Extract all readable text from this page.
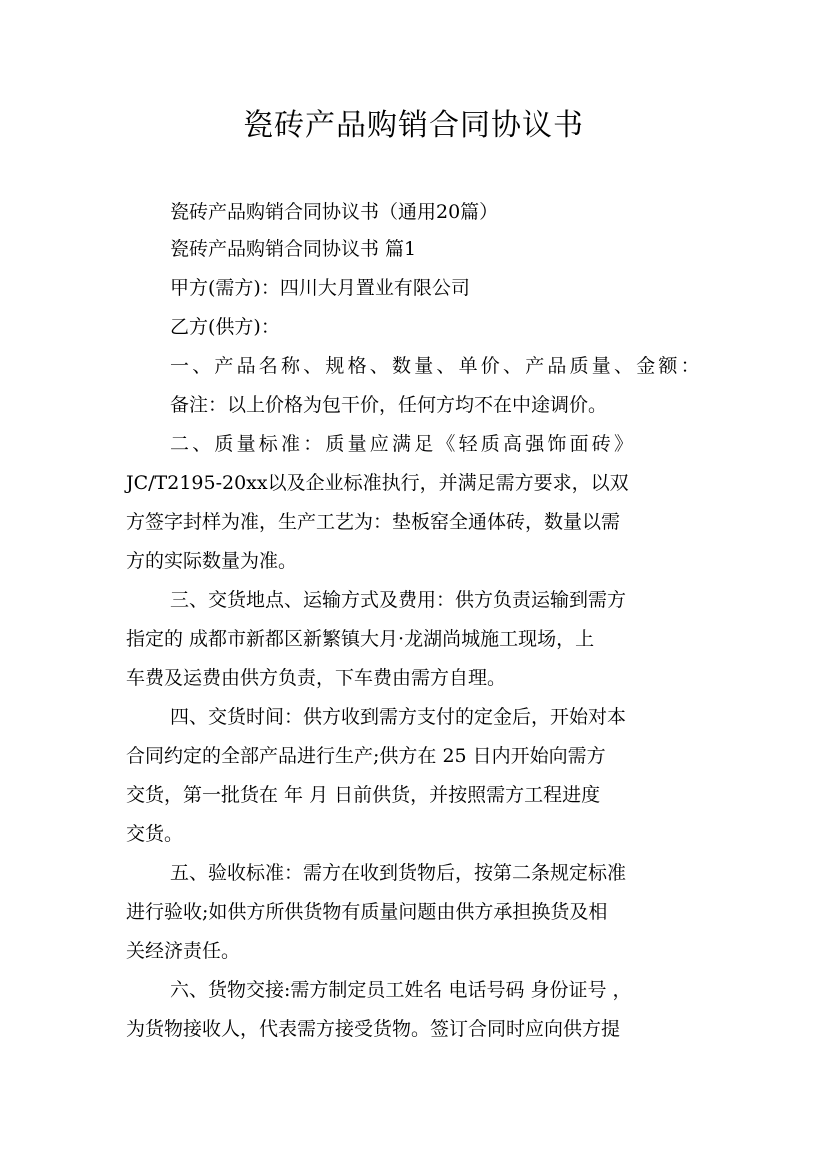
瓷砖产品购销合同协议书
瓷砖产品购销合同协议书（通用20篇）
瓷砖产品购销合同协议书 篇1
甲方(需方)：四川大月置业有限公司
乙方(供方)：
一、产品名称、规格、数量、单价、产品质量、金额：
备注：以上价格为包干价，任何方均不在中途调价。
二、质量标准：质量应满足《轻质高强饰面砖》
JC/T2195-20xx以及企业标准执行，并满足需方要求，以双
方签字封样为准，生产工艺为：垫板窑全通体砖，数量以需
方的实际数量为准。
三、交货地点、运输方式及费用：供方负责运输到需方
指定的 成都市新都区新繁镇大月·龙湖尚城施工现场，上
车费及运费由供方负责，下车费由需方自理。
四、交货时间：供方收到需方支付的定金后，开始对本
合同约定的全部产品进行生产;供方在 25 日内开始向需方
交货，第一批货在 年 月 日前供货，并按照需方工程进度
交货。
五、验收标准：需方在收到货物后，按第二条规定标准
进行验收;如供方所供货物有质量问题由供方承担换货及相
关经济责任。
六、货物交接:需方制定员工姓名 电话号码 身份证号 ，
为货物接收人，代表需方接受货物。签订合同时应向供方提
